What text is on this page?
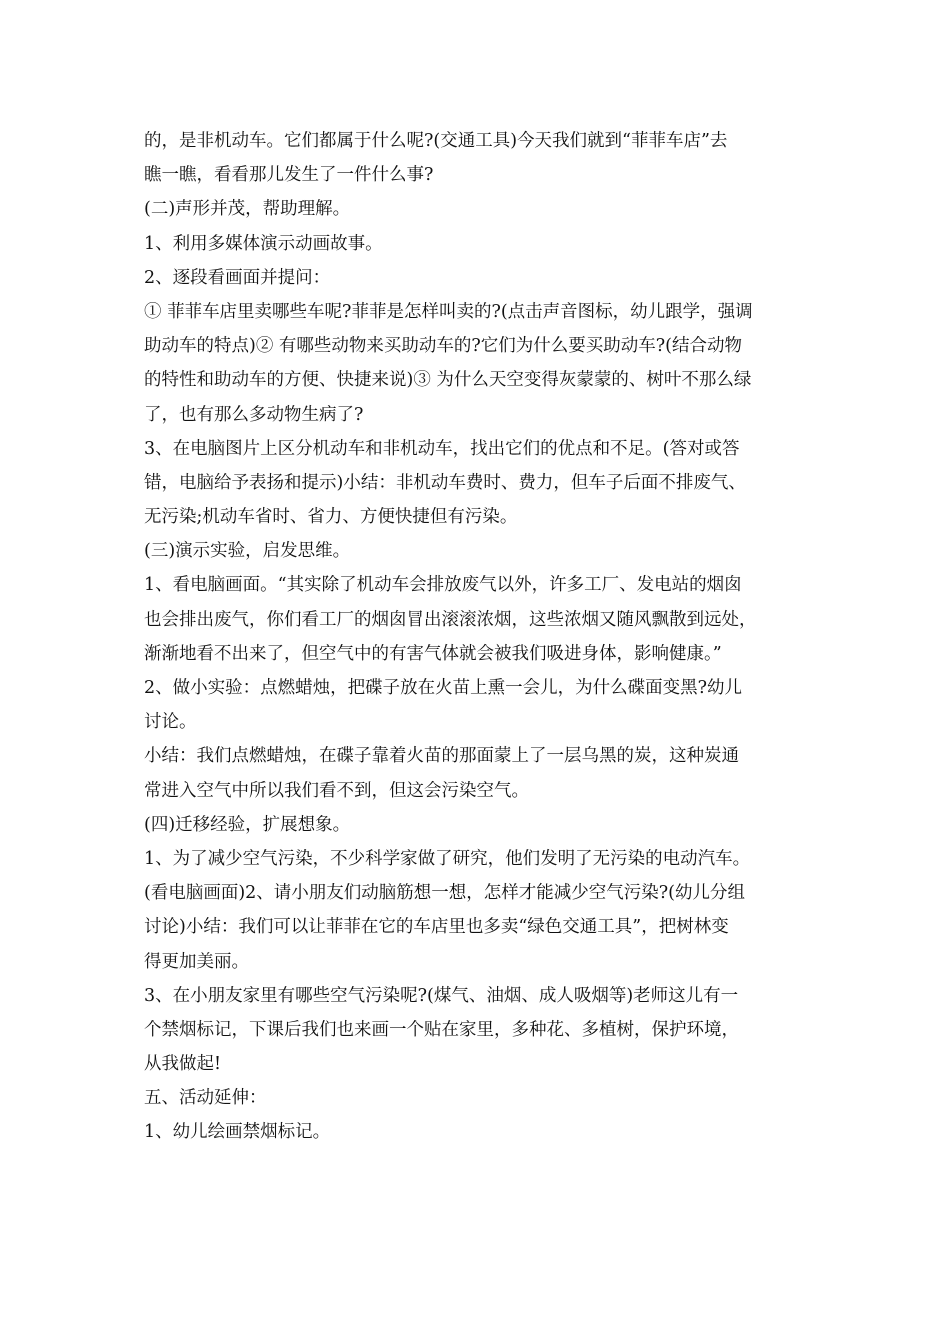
的，是非机动车。它们都属于什么呢?(交通工具)今天我们就到“菲菲车店”去
瞧一瞧，看看那儿发生了一件什么事?
(二)声形并茂，帮助理解。
1、利用多媒体演示动画故事。
2、逐段看画面并提问：
① 菲菲车店里卖哪些车呢?菲菲是怎样叫卖的?(点击声音图标，幼儿跟学，强调
助动车的特点)② 有哪些动物来买助动车的?它们为什么要买助动车?(结合动物
的特性和助动车的方便、快捷来说)③ 为什么天空变得灰蒙蒙的、树叶不那么绿
了，也有那么多动物生病了?
3、在电脑图片上区分机动车和非机动车，找出它们的优点和不足。(答对或答
错，电脑给予表扬和提示)小结：非机动车费时、费力，但车子后面不排废气、
无污染;机动车省时、省力、方便快捷但有污染。
(三)演示实验，启发思维。
1、看电脑画面。“其实除了机动车会排放废气以外，许多工厂、发电站的烟囱
也会排出废气，你们看工厂的烟囱冒出滚滚浓烟，这些浓烟又随风飘散到远处，
渐渐地看不出来了，但空气中的有害气体就会被我们吸进身体，影响健康。”
2、做小实验：点燃蜡烛，把碟子放在火苗上熏一会儿，为什么碟面变黑?幼儿
讨论。
小结：我们点燃蜡烛，在碟子靠着火苗的那面蒙上了一层乌黑的炭，这种炭通
常进入空气中所以我们看不到，但这会污染空气。
(四)迁移经验，扩展想象。
1、为了减少空气污染，不少科学家做了研究，他们发明了无污染的电动汽车。
(看电脑画面)2、请小朋友们动脑筋想一想，怎样才能减少空气污染?(幼儿分组
讨论)小结：我们可以让菲菲在它的车店里也多卖“绿色交通工具”，把树林变
得更加美丽。
3、在小朋友家里有哪些空气污染呢?(煤气、油烟、成人吸烟等)老师这儿有一
个禁烟标记，下课后我们也来画一个贴在家里，多种花、多植树，保护环境，
从我做起!
五、活动延伸：
1、幼儿绘画禁烟标记。
